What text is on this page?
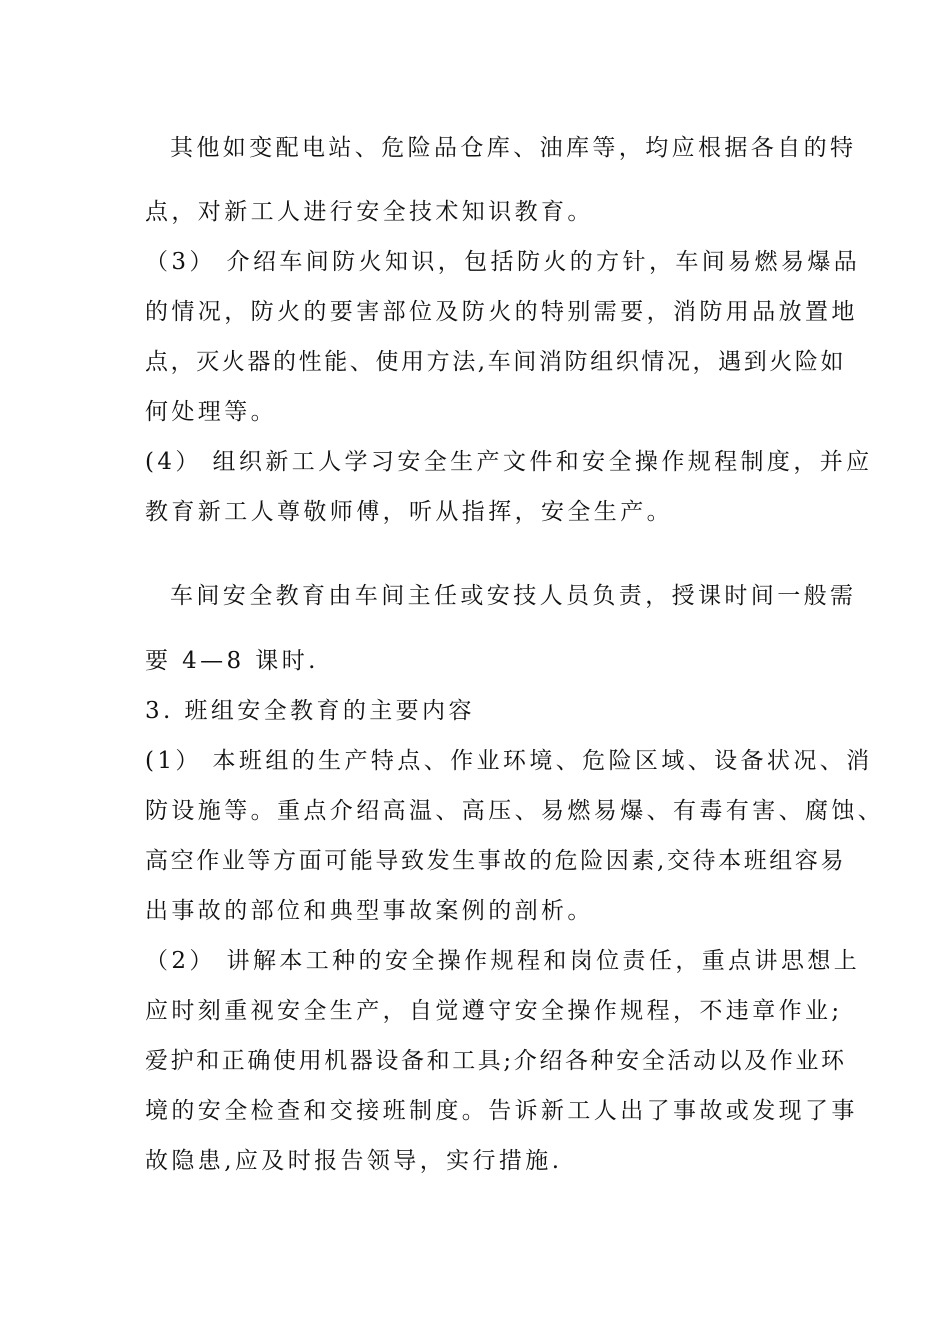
其他如变配电站、危险品仓库、油库等，均应根据各自的特
点，对新工人进行安全技术知识教育。
（3） 介绍车间防火知识，包括防火的方针，车间易燃易爆品
的情况，防火的要害部位及防火的特别需要，消防用品放置地
点，灭火器的性能、使用方法,车间消防组织情况，遇到火险如
何处理等。
(4） 组织新工人学习安全生产文件和安全操作规程制度，并应
教育新工人尊敬师傅，听从指挥，安全生产。
车间安全教育由车间主任或安技人员负责，授课时间一般需
要 4—8 课时.
3. 班组安全教育的主要内容
(1） 本班组的生产特点、作业环境、危险区域、设备状况、消
防设施等。重点介绍高温、高压、易燃易爆、有毒有害、腐蚀、
高空作业等方面可能导致发生事故的危险因素,交待本班组容易
出事故的部位和典型事故案例的剖析。
（2） 讲解本工种的安全操作规程和岗位责任，重点讲思想上
应时刻重视安全生产，自觉遵守安全操作规程，不违章作业;
爱护和正确使用机器设备和工具;介绍各种安全活动以及作业环
境的安全检查和交接班制度。告诉新工人出了事故或发现了事
故隐患,应及时报告领导，实行措施.
